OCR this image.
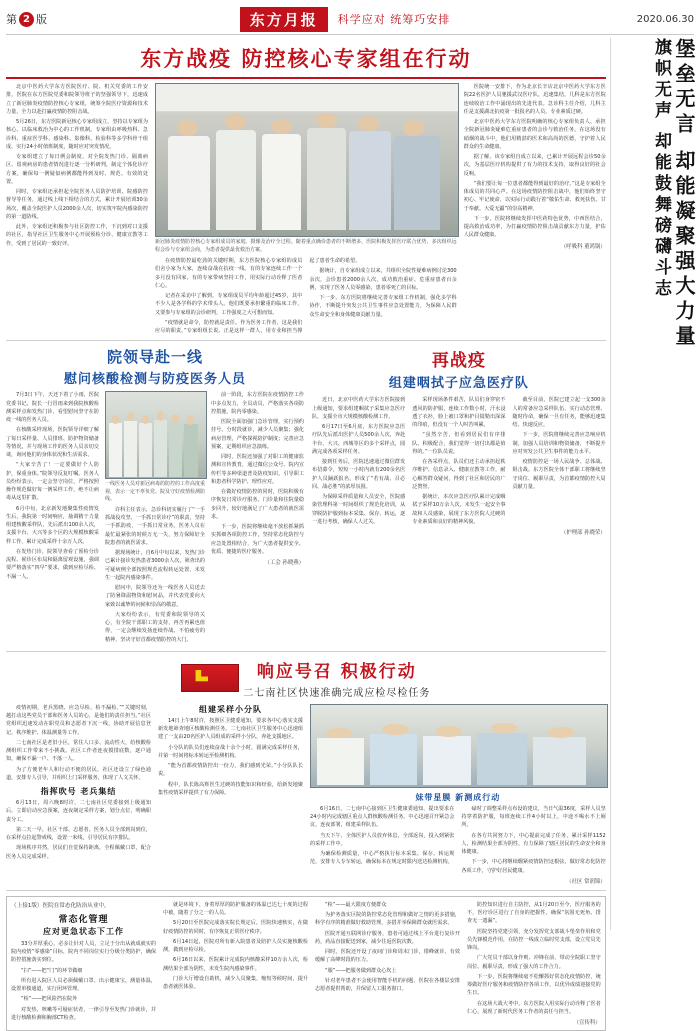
第 2 版	东方月报	科学应对 统筹巧安排	2020.06.30
东方战疫 防控核心专家组在行动

北京中医药大学东方医院医疗、院、机关党委的工作安排，医院在东方医院党委和院领导班子的坚强领导下，迅速成立了新冠肺炎疫情防控核心专家组，统筹全院医疗资源和技术力量，全力以赴打赢疫情防控阻击战。

5月26日，东方医院新冠核心专家组成立，坚持以专家组为核心、以临床救治为中心的工作机制。专家组由呼吸热科、急诊科、重症医学科、感染科、影像科、检验科等多学科骨干组成，实行24小时值班制度，随时应对突发情况。

专家组建立了每日例会制度，对全院发热门诊、隔离病区、留观病房的患者情况进行逐一分析研判，制定个体化诊疗方案，确保每一例疑似病例都能得到及时、规范、有效的处置。

同时，专家组还承担起全院医务人员防护培训、院感防控督导等任务，通过线上线下相结合的方式，累计开展培训30余场次，覆盖全院医护人员2000余人次，切实筑牢院内感染防控的第一道防线。

此外，专家组还积极参与社区防控工作，下沉到对口支援的社区，指导社区卫生服务中心开展预检分诊、健康宣教等工作，受到了居民的一致好评。	新冠肺炎疫情防控核心专家组成员的家庭、摄像及治疗全过程。随着重点确诊患者的不断增多，医院积极发挥医疗联合优势，多次组织远程会诊与专家组会商，为患者提供最优救治方案。

在疫情防控最吃劲的关键时期，东方医院核心专家组的成员们舍小家为大家，连续奋战在抗疫一线。有的专家连续工作一个多月没有回家，有的专家带病坚持工作，用实际行动诠释了医者仁心。

记者在采访中了解到，专家组成员平均年龄超过45岁，其中不少人是各学科的学术带头人。他们既要承担繁重的临床工作，又要参与专家组的会诊研判，工作强度之大可想而知。

“疫情就是命令，防控就是责任。作为医务工作者，这是我们应尽的职责。”专家组组长说。正是这样一群人，用专业和担当撑起了患者生命的希望。

据统计，自专家组成立以来，共组织全院性疑难病例讨论300余次，会诊患者2000余人次，成功救治重症、危重症患者百余例，实现了医务人员零感染、患者零死亡的目标。

下一步，东方医院将继续完善专家组工作机制，强化多学科协作，不断提升突发公共卫生事件应急处置能力，为保障人民群众生命安全和身体健康贡献力量。

医院统一安排下，作为北京长辛店北京中医药大学东方医院22名医护人员驰援武汉医疗队，迅速集结，几科是东方医院连续收治工作中涌现出的先进代表。急诊科主任介绍，几科主任是支援湖北抗疫第一批报名的人员，专业素质过硬。

北京中医药大学东方医院明确的核心专家组负责人、承担全院新冠肺炎疑难危重症患者的会诊与救治任务。在这场没有硝烟的战斗中，他们用精湛的医术和高尚的医德，守护着人民群众的生命健康。

据了解，该专家组自成立以来，已累计开展远程会诊50余次，为基层医疗机构提供了有力的技术支持，取得良好的社会反响。

“我们要让每一位患者都能得到最好的治疗。”这是专家组全体成员的共同心声。在这场疫情防控阻击战中，他们始终坚守初心、牢记使命，以实际行动践行着“敬佑生命、救死扶伤、甘于奉献、大爱无疆”的崇高精神。

下一步，医院将继续发挥中医药特色优势，中西医结合，提高救治成功率，为打赢疫情防控阻击战贡献东方力量，护佑人民群众健康。

（呼吸科 董鸿锅）
院领导赴一线
慰问核酸检测与防疫医务人员

7月3日下午，天还下着了小雨，医院党委书记、院长一行冒雨来到我院核酸检测采样点和发热门诊，看望慰问坚守在防疫一线的医务人员。

在核酸采样现场，医院领导详细了解了每日采样量、人员排班、防护物资储备等情况，并与现场工作的医务人员亲切交谈，询问他们的身体状况和生活需求。

“大家辛苦了！一定要做好个人防护，保重身体。”院领导反复叮嘱。医务人员纷纷表示，一定会坚守岗位，严格按照操作规范做好每一例采样工作，绝不让病毒从这里扩散。

6月中旬，北京新发地聚集性疫情发生后，我院第一时间响应，抽调精干力量组建核酸采样队，先后派出100余人次，支援丰台、大兴等多个区的大规模核酸采样工作，累计完成采样十余万人次。

在发热门诊，院领导查看了预检分诊流程、候诊区布局和隔离留观设施，强调要严格落实“四早”要求，做到应检尽检、不漏一人。

一线医务人员对新冠病毒的防控的工作高度重视，表示一定不辜负党、院及守好疫情检测防线。

许科主任表示，急诊科切实履行了“一手抓战役攻坚、一手抓日常诊疗”的职责，坚持一手抓防疫，一手抓日常业务。医务人员在最忙最紧张的时候万无一失，努力保障好全院患者的就医需求。

据现场统计，自6月中旬以来，发热门诊已累计接诊发热患者3000余人次，筛查出的可疑病例全部按照规范流程转运处置，未发生一起院内感染事件。

慰问中，院领导还为一线医务人员送去了防暑降温物资和慰问品，并代表党委向大家致以诚挚的问候和崇高的敬意。

大家纷纷表示，有党委和院领导的关心，有全院干部职工的支持，再苦再累也值得，一定会继续发扬连续作战、不怕疲劳的精神，坚决守好首都疫情防控的大门。

前一阶段，东方医院在疫情防控工作中多点发力，全员动员，严格落实各项防控措施，院内零感染。

医院全面加强门急诊管理，实行预约挂号、分时段就诊，减少人员聚集；强化病房管理，严格探视陪护制度；完善应急预案，定期组织应急演练。

同时，医院还加强了对职工的健康监测和宣传教育，通过微信公众号、院内宣传栏等多种渠道普及防疫知识，引导职工和患者科学防护、理性应对。

在做好疫情防控的同时，医院积极有序恢复日常诊疗服务，门诊量和住院量稳步回升，较好地满足了广大患者的就医需求。

下一步，医院将继续毫不放松抓紧抓实抓细各项防控工作，坚持常态化防控与应急处置相结合，为广大患者提供安全、优质、便捷的医疗服务。

（工会 孙晓燕）
再战疫
组建咽拭子应急医疗队

近日，北京中医药大学东方医院接到上级通知，要求组建咽拭子采集应急医疗队，支援全市大规模核酸检测工作。

6月17日至6月底，东方医院应急医疗队先后派出医护人员500余人次，奔赴丰台、大兴、西城等区的多个采样点，圆满完成各项采样任务。

接到任务后，医院迅速通过微信群发布招募令，短短一小时内就有200余名医护人员踊跃报名，形成了“若有战、召必回、战必胜”的浓厚氛围。

为保障采样质量和人员安全，医院感染管理科第一时间组织了规范化培训，从穿脱防护服到标本采集、保存、转运，逐一进行考核，确保人人过关。

采样现场条件艰苦，队员们身穿密不透风的防护服，连续工作数小时，汗水浸透了衣衫，脸上被口罩和护目镜勒出深深的印痕，但没有一个人叫苦叫累。

“虽然辛苦，但看到居民们有序排队、积极配合，我们觉得一切付出都是值得的。”一位队员说。

在各采样点，队员们还主动承担起秩序维护、信息录入、健康宣教等工作，耐心解答群众疑问，得到了社区和居民的广泛赞誉。

据统计，本次应急医疗队累计完成咽拭子采样10万余人次，未发生一起安全事故和人员感染，展现了东方医院人过硬的专业素质和良好的精神风貌。

截至目前，医院已建立起一支300余人的常备应急采样队伍，实行动态管理、随时待命，确保一旦有任务，能够迅速集结、快速反应。

下一步，医院将继续完善应急响应机制，加强人员培训和物资储备，不断提升应对突发公共卫生事件的能力水平。

疫情防控是一场人民战争、总体战、阻击战。东方医院全体干部职工将继续坚守岗位、履职尽责，为首都疫情防控大局贡献力量。

（护理部 孙晓荣）
响应号召 积极行动
二七南社区快速准确完成应检尽检任务

疫情初期，老兵黑晓、应急尽检、检不漏检。”“关键时刻，越打动这些党员干部和医务人员的心，是他们的责任担当。”社区党组织迅速发动在职党员和志愿者下沉一线，协助开展信息登记、秩序维护、体温测量等工作。

二七南社区是老旧小区，常住人口多、流动性大，给核酸检测组织工作带来不小挑战。社区工作者连夜摸排底数，逐户通知，确保不漏一户、不落一人。

为了方便老年人和行动不便的居民，社区还设立了绿色通道，安排专人引导，并组织上门采样服务，体现了人文关怀。

指挥吹号 老兵集结

6月13日，周六晚8时许，二七南社区党委接到上级通知后，立即启动应急预案，连夜制定采样方案，划分点位，明确职责分工。

第二天一早，社区干部、志愿者、医务人员全部到岗到位，在采样点拉起警戒线，设置一米线，引导居民有序排队。

现场秩序井然，居民们自觉保持距离，全程佩戴口罩，配合医务人员完成采样。

组建采样小分队

14日上午8时许，按照区卫健委通知，要求各中心落实支援新发地筛查地区核酸检测任务。二七南社区卫生服务中心迅速组建了一支由20名医护人员组成的采样小分队，奔赴支援地区。

小分队的队员们连续奋战十余个小时，圆满完成采样任务，并第一时间将标本转运至检测机构。

“能为首都疫情防控出一份力，我们感到光荣。”小分队队长说。

程中，队长陈高辉医生过硬的技能知识和经验，给新发地聚集性疫情采样提供了有力保障。	妹带星膜 新测成行动

6月16日，二七南中心接到区卫生健康委通知，提出要求在24小时内完成辖区重点人群核酸检测任务。中心迅速召开紧急会议，连夜部署，组建采样队伍。

当天下午，全体医护人员放弃休息，全部返岗，投入到紧张的采样工作中。

为确保检测质量，中心严格执行标本采集、保存、转运规范，安排专人专车转运，确保标本在规定时限内送达检测机构。

碌时了调整采样点布设的建议，当日气温36度，采样人员坚持穿着防护服，每班连续工作4小时以上，中途不喝水不上厕所。

在各方共同努力下，中心提前完成了任务，累计采样1152人，检测结果全部为阴性，有力保障了辖区居民的生命安全和身体健康。

下一步，中心将继续绷紧疫情防控这根弦，做好常态化防控各项工作，守护好居民健康。

（社区 常润锦）
（上接1版）医院在常态化防治从业中，
常态化管理
应对更急状态下工作

33分并厚重心，必多让针对人员，立足于分出从就成就实的院内疫情“零感染”目标，院内不同岗位实行分级分类防护，确保防控措施落实到位。

“扫”——把“门”的环节做细

所有进入院区人员必须佩戴口罩、出示健康宝、测量体温，设置单独通道，实行闭环管理。

“检”——把风险挡在院外

对发热、咳嗽等可疑症状者，一律引导至发热门诊就诊，并进行核酸检测和胸部CT检查。

就是环境下，身着厚厚的防护服备的体温已达七十度的过程中被，随着了分之一的人员。

5月20日至医院完成落实院长规定后，医院快速核实，在做好疫情防控的同时，有序恢复正常医疗秩序。

6月14日起，医院对所有新入院患者及陪护人员实施核酸检测，做到应检尽检。

6月16日以来，医院累计完成院内核酸采样10万余人次，检测结果全部为阴性，未发生院内感染事件。

门诊大厅增设自助机，减少人员聚集，缩短等候时间，提升患者就医体验。

“检”——最大限度方便群众

为护务落实区院的防控常态化管理和做好之情的更多措施，科学有序的精准做好救助管理，多措并举保障群众就医需求。

医院开通互联网诊疗服务，患者可通过线上平台进行复诊开药，药品直接配送到家，减少往返医院次数。

同时，医院还开设了夜间门诊和周末门诊，错峰就诊，有效缓解了高峰时段的压力。

“服”——把服务做到群众心坎上

针对老年患者不会使用智能手机的问题，医院在各楼层安排志愿者提供帮助，并保留人工服务窗口。

防控知识进行自主防控，从1月20日至今，医疗服务的不，医疗诊区进行了自身的把握性，确保“氛围无死角、排查无一遗漏”。

医院坚持党建引领，充分发挥党支部战斗堡垒作用和党员先锋模范作用，在防控一线成立临时党支部，设立党员先锋岗。

广大党员干部以身作则、冲锋在前，带动全院职工坚守岗位、履职尽责，形成了强大的工作合力。

下一步，医院将继续毫不松懈抓好常态化疫情防控，统筹做好医疗服务和疫情防控各项工作，以优异成绩迎接党的生日。

在这场大战大考中，东方医院人用实际行动诠释了医者仁心，展现了新时代医务工作者的责任与担当。

（宣传科）
堡垒无言 却能凝聚强大力量
旗帜无声 却能鼓舞磅礴斗志
